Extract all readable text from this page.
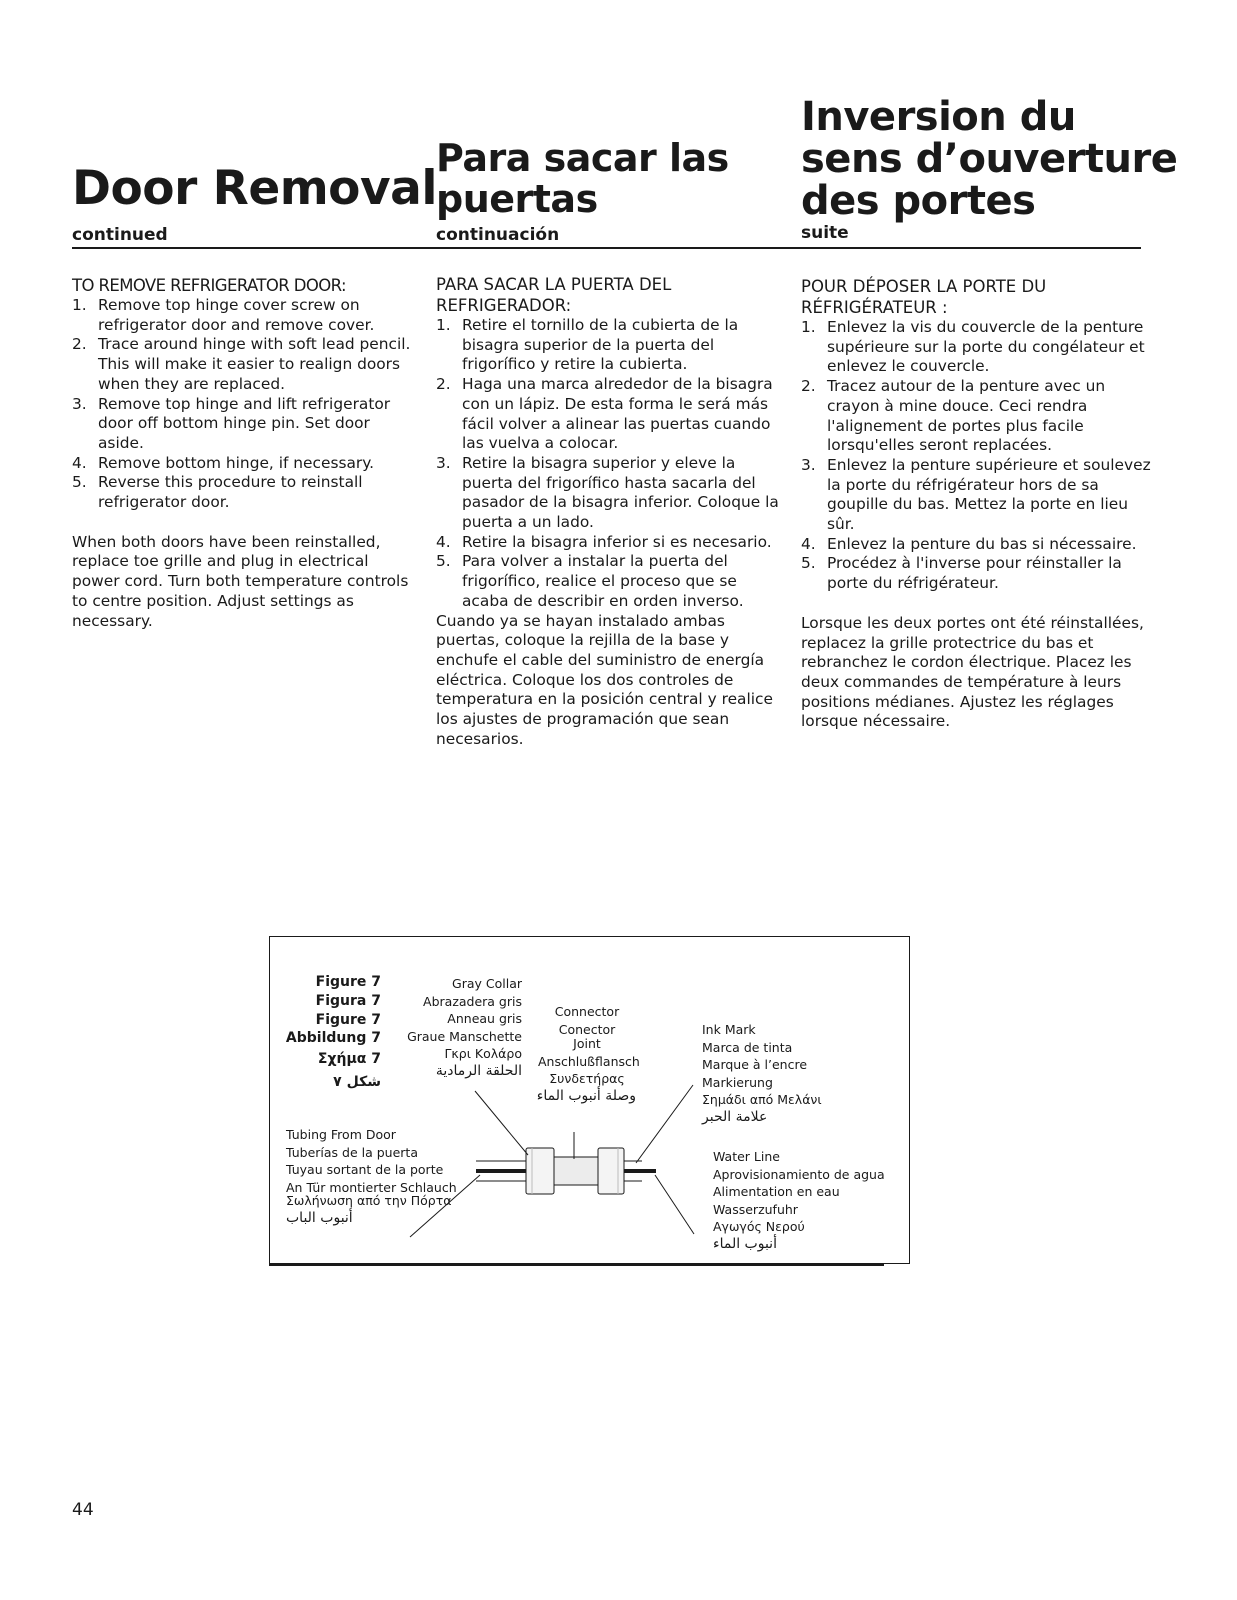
Door Removal
Para sacar las puertas
Inversion du sens d’ouverture des portes
continued	continuación	suite
TO REMOVE REFRIGERATOR DOOR:
1. Remove top hinge cover screw on refrigerator door and remove cover.
2. Trace around hinge with soft lead pencil. This will make it easier to realign doors when they are replaced.
3. Remove top hinge and lift refrigerator door off bottom hinge pin. Set door aside.
4. Remove bottom hinge, if necessary.
5. Reverse this procedure to reinstall refrigerator door.

When both doors have been reinstalled, replace toe grille and plug in electrical power cord. Turn both temperature controls to centre position. Adjust settings as necessary.

PARA SACAR LA PUERTA DEL REFRIGERADOR:
1. Retire el tornillo de la cubierta de la bisagra superior de la puerta del frigorífico y retire la cubierta.
2. Haga una marca alrededor de la bisagra con un lápiz. De esta forma le será más fácil volver a alinear las puertas cuando las vuelva a colocar.
3. Retire la bisagra superior y eleve la puerta del frigorífico hasta sacarla del pasador de la bisagra inferior. Coloque la puerta a un lado.
4. Retire la bisagra inferior si es necesario.
5. Para volver a instalar la puerta del frigorífico, realice el proceso que se acaba de describir en orden inverso.

Cuando ya se hayan instalado ambas puertas, coloque la rejilla de la base y enchufe el cable del suministro de energía eléctrica. Coloque los dos controles de temperatura en la posición central y realice los ajustes de programación que sean necesarios.

POUR DÉPOSER LA PORTE DU RÉFRIGÉRATEUR :
1. Enlevez la vis du couvercle de la penture supérieure sur la porte du congélateur et enlevez le couvercle.
2. Tracez autour de la penture avec un crayon à mine douce. Ceci rendra l'alignement de portes plus facile lorsqu'elles seront replacées.
3. Enlevez la penture supérieure et soulevez la porte du réfrigérateur hors de sa goupille du bas. Mettez la porte en lieu sûr.
4. Enlevez la penture du bas si nécessaire.
5. Procédez à l'inverse pour réinstaller la porte du réfrigérateur.

Lorsque les deux portes ont été réinstallées, replacez la grille protectrice du bas et rebranchez le cordon électrique. Placez les deux commandes de température à leurs positions médianes. Ajustez les réglages lorsque nécessaire.

Figure 7
Figura 7
Figure 7
Abbildung 7
Σχήμα 7
شكل ٧
Gray Collar
Abrazadera gris
Anneau gris
Graue Manschette
Γκρι Κολάρο
الحلقة الرمادية
Connector
Conector
Joint
Anschlußflansch
Συνδετήρας
وصلة أنبوب الماء
Ink Mark
Marca de tinta
Marque à l’encre
Markierung
Σημάδι από Μελάνι
علامة الحبر
Tubing From Door
Tuberías de la puerta
Tuyau sortant de la porte
An Tür montierter Schlauch
Σωλήνωση από την Πόρτα
أنبوب الباب
Water Line
Aprovisionamiento de agua
Alimentation en eau
Wasserzufuhr
Αγωγός Νερού
أنبوب الماء
44
